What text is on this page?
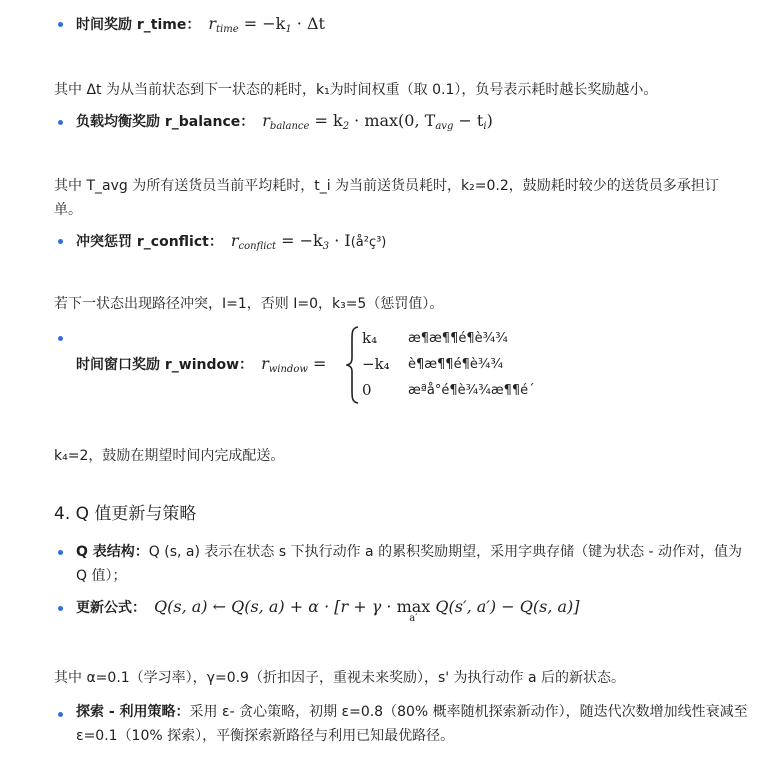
时间奖励 r_time： $r_{time} = -k_1 \cdot \Delta t$
其中 Δt 为从当前状态到下一状态的耗时，k₁为时间权重（取 0.1），负号表示耗时越长奖励越小。
负载均衡奖励 r_balance： $r_{balance} = k_2 \cdot \max(0$, $T_{avg} - t_i$)
其中 T_avg 为所有送货员当前平均耗时，t_i 为当前送货员耗时，k₂=0.2，鼓励耗时较少的送货员多承担订单。
冲突惩罚 r_conflict： $r_{conflict} = -k_3$ · I(å²ç³)
若下一状态出现路径冲突，I=1，否则 I=0，k₃=5（惩罚值）。
时间窗口奖励 r_window： $r_{window}$ =
k₄ æ¶æ¶¶é¶è¾¾
−k₄ è¶æ¶¶é¶è¾¾
0	æªå°é¶è¾¾æ¶¶é´
k₄=2，鼓励在期望时间内完成配送。
4. Q 值更新与策略
Q 表结构：Q (s, a) 表示在状态 s 下执行动作 a 的累积奖励期望，采用字典存储（键为状态 - 动作对，值为 Q 值）；
更新公式： Q(s, a) ← Q(s, a) + α · [r + γ · max
a′
Q(s′, a′) − Q(s, a)]
其中 α=0.1（学习率），γ=0.9（折扣因子，重视未来奖励），s' 为执行动作 a 后的新状态。
探索 - 利用策略：采用 ε- 贪心策略，初期 ε=0.8（80% 概率随机探索新动作），随迭代次数增加线性衰减至 ε=0.1（10% 探索），平衡探索新路径与利用已知最优路径。
